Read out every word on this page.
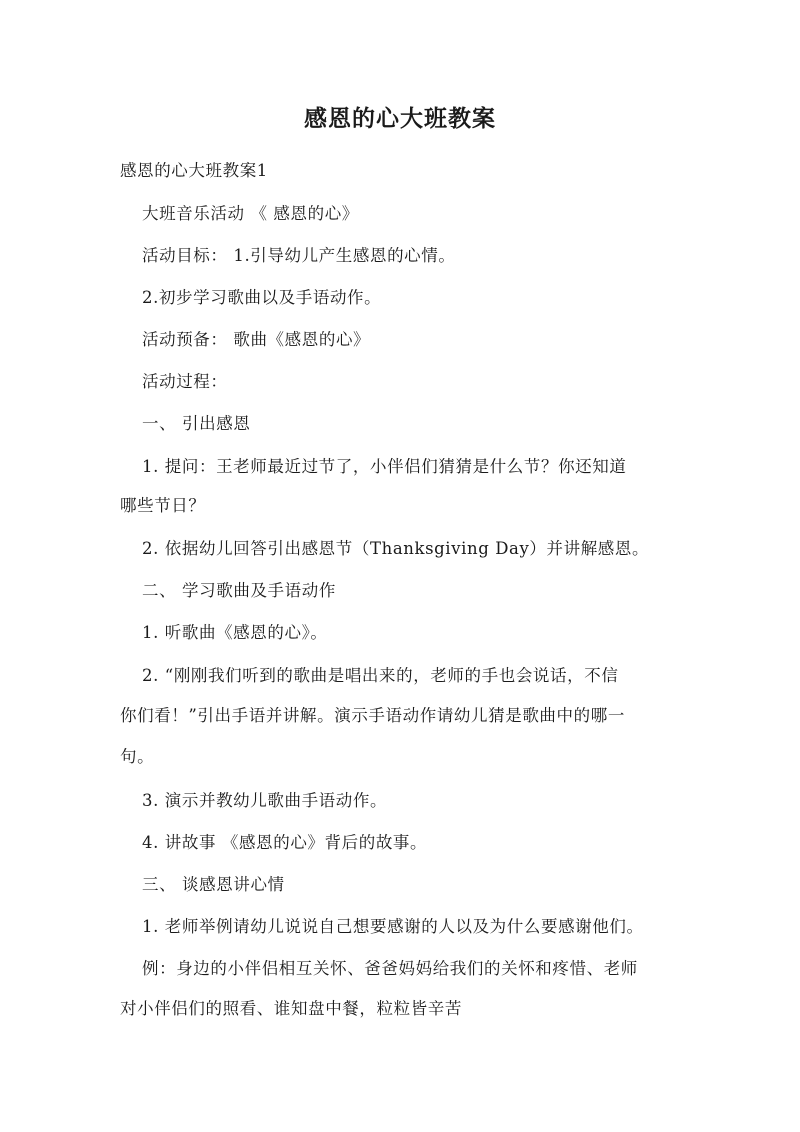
感恩的心大班教案
感恩的心大班教案1
大班音乐活动 《 感恩的心》
活动目标： 1.引导幼儿产生感恩的心情。
2.初步学习歌曲以及手语动作。
活动预备： 歌曲《感恩的心》
活动过程：
一、 引出感恩
1. 提问：王老师最近过节了，小伴侣们猜猜是什么节？你还知道
哪些节日？
2. 依据幼儿回答引出感恩节（Thanksgiving Day）并讲解感恩。
二、 学习歌曲及手语动作
1. 听歌曲《感恩的心》。
2. “刚刚我们听到的歌曲是唱出来的，老师的手也会说话，不信
你们看！”引出手语并讲解。演示手语动作请幼儿猜是歌曲中的哪一
句。
3. 演示并教幼儿歌曲手语动作。
4. 讲故事 《感恩的心》背后的故事。
三、 谈感恩讲心情
1. 老师举例请幼儿说说自己想要感谢的人以及为什么要感谢他们。
例：身边的小伴侣相互关怀、爸爸妈妈给我们的关怀和疼惜、老师
对小伴侣们的照看、谁知盘中餐，粒粒皆辛苦
